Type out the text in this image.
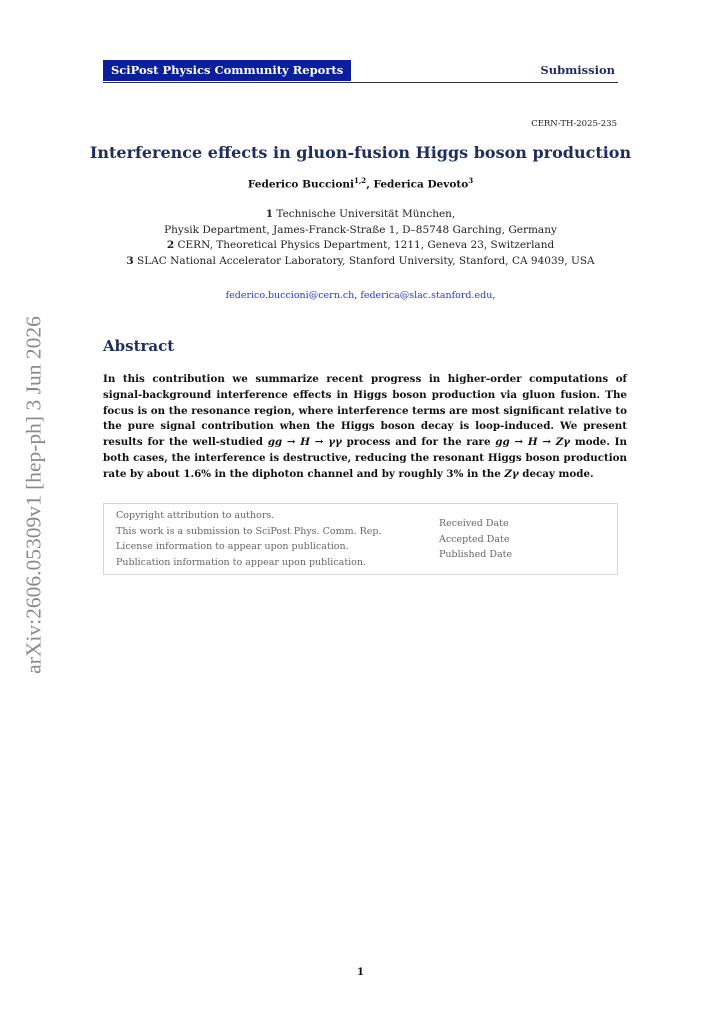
SciPost Physics Community Reports	Submission
CERN-TH-2025-235
Interference effects in gluon-fusion Higgs boson production
Federico Buccioni$^{1,2}$, Federica Devoto$^3$
1 Technische Universität München,
Physik Department, James-Franck-Straße 1, D–85748 Garching, Germany
2 CERN, Theoretical Physics Department, 1211, Geneva 23, Switzerland
3 SLAC National Accelerator Laboratory, Stanford University, Stanford, CA 94039, USA
federico.buccioni@cern.ch, federica@slac.stanford.edu,
Abstract
In this contribution we summarize recent progress in higher-order computations of signal-background interference effects in Higgs boson production via gluon fusion. The focus is on the resonance region, where interference terms are most significant relative to the pure signal contribution when the Higgs boson decay is loop-induced. We present results for the well-studied gg → H → γγ process and for the rare gg → H → Zγ mode. In both cases, the interference is destructive, reducing the resonant Higgs boson production rate by about 1.6% in the diphoton channel and by roughly 3% in the Zγ decay mode.
Copyright attribution to authors.
This work is a submission to SciPost Phys. Comm. Rep.
License information to appear upon publication.
Publication information to appear upon publication.
Received Date
Accepted Date
Published Date
arXiv:2606.05309v1 [hep-ph] 3 Jun 2026
1
